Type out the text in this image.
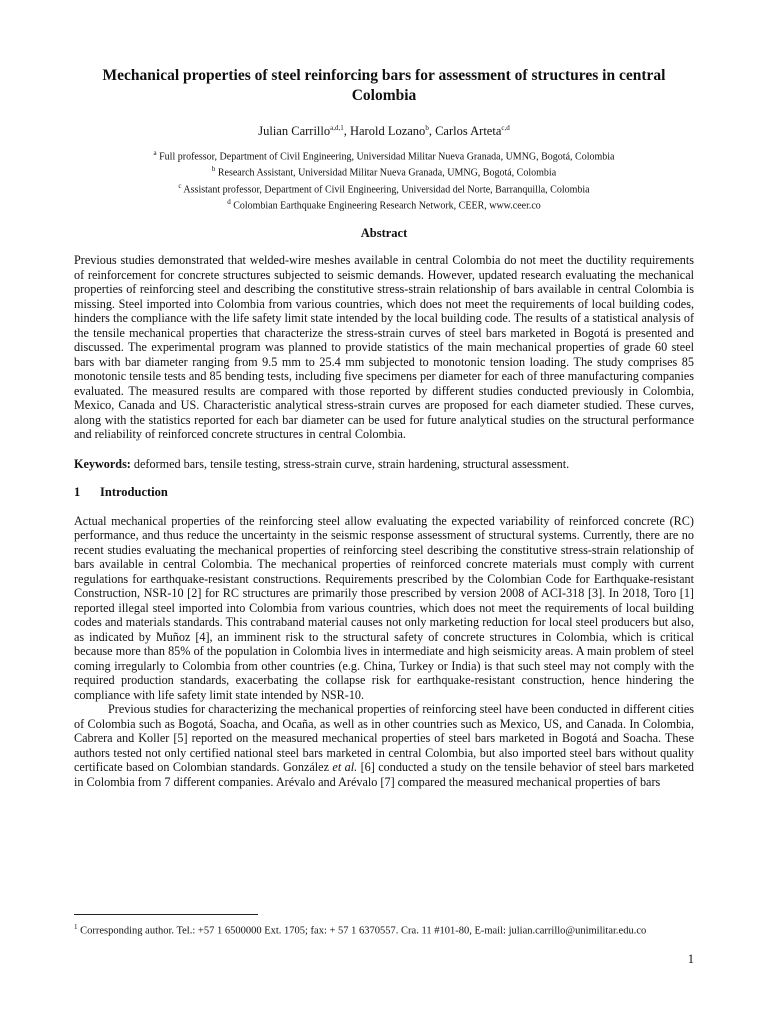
Mechanical properties of steel reinforcing bars for assessment of structures in central Colombia
Julian Carrillo$^{a,d,1}$, Harold Lozano$^b$, Carlos Arteta$^{c,d}$
$^a$ Full professor, Department of Civil Engineering, Universidad Militar Nueva Granada, UMNG, Bogotá, Colombia
$^b$ Research Assistant, Universidad Militar Nueva Granada, UMNG, Bogotá, Colombia
$^c$ Assistant professor, Department of Civil Engineering, Universidad del Norte, Barranquilla, Colombia
$^d$ Colombian Earthquake Engineering Research Network, CEER, www.ceer.co
Abstract

Previous studies demonstrated that welded-wire meshes available in central Colombia do not meet the ductility requirements of reinforcement for concrete structures subjected to seismic demands. However, updated research evaluating the mechanical properties of reinforcing steel and describing the constitutive stress-strain relationship of bars available in central Colombia is missing. Steel imported into Colombia from various countries, which does not meet the requirements of local building codes, hinders the compliance with the life safety limit state intended by the local building code. The results of a statistical analysis of the tensile mechanical properties that characterize the stress-strain curves of steel bars marketed in Bogotá is presented and discussed. The experimental program was planned to provide statistics of the main mechanical properties of grade 60 steel bars with bar diameter ranging from 9.5 mm to 25.4 mm subjected to monotonic tension loading. The study comprises 85 monotonic tensile tests and 85 bending tests, including five specimens per diameter for each of three manufacturing companies evaluated. The measured results are compared with those reported by different studies conducted previously in Colombia, Mexico, Canada and US. Characteristic analytical stress-strain curves are proposed for each diameter studied. These curves, along with the statistics reported for each bar diameter can be used for future analytical studies on the structural performance and reliability of reinforced concrete structures in central Colombia.

Keywords: deformed bars, tensile testing, stress-strain curve, strain hardening, structural assessment.
1 Introduction

Actual mechanical properties of the reinforcing steel allow evaluating the expected variability of reinforced concrete (RC) performance, and thus reduce the uncertainty in the seismic response assessment of structural systems. Currently, there are no recent studies evaluating the mechanical properties of reinforcing steel describing the constitutive stress-strain relationship of bars available in central Colombia. The mechanical properties of reinforced concrete materials must comply with current regulations for earthquake-resistant constructions. Requirements prescribed by the Colombian Code for Earthquake-resistant Construction, NSR-10 [2] for RC structures are primarily those prescribed by version 2008 of ACI-318 [3]. In 2018, Toro [1] reported illegal steel imported into Colombia from various countries, which does not meet the requirements of local building codes and materials standards. This contraband material causes not only marketing reduction for local steel producers but also, as indicated by Muñoz [4], an imminent risk to the structural safety of concrete structures in Colombia, which is critical because more than 85% of the population in Colombia lives in intermediate and high seismicity areas. A main problem of steel coming irregularly to Colombia from other countries (e.g. China, Turkey or India) is that such steel may not comply with the required production standards, exacerbating the collapse risk for earthquake-resistant construction, hence hindering the compliance with life safety limit state intended by NSR-10.

Previous studies for characterizing the mechanical properties of reinforcing steel have been conducted in different cities of Colombia such as Bogotá, Soacha, and Ocaña, as well as in other countries such as Mexico, US, and Canada. In Colombia, Cabrera and Koller [5] reported on the measured mechanical properties of steel bars marketed in Bogotá and Soacha. These authors tested not only certified national steel bars marketed in central Colombia, but also imported steel bars without quality certificate based on Colombian standards. González et al. [6] conducted a study on the tensile behavior of steel bars marketed in Colombia from 7 different companies. Arévalo and Arévalo [7] compared the measured mechanical properties of bars

$^1$ Corresponding author. Tel.: +57 1 6500000 Ext. 1705; fax: + 57 1 6370557. Cra. 11 #101-80, E-mail: julian.carrillo@unimilitar.edu.co
1
